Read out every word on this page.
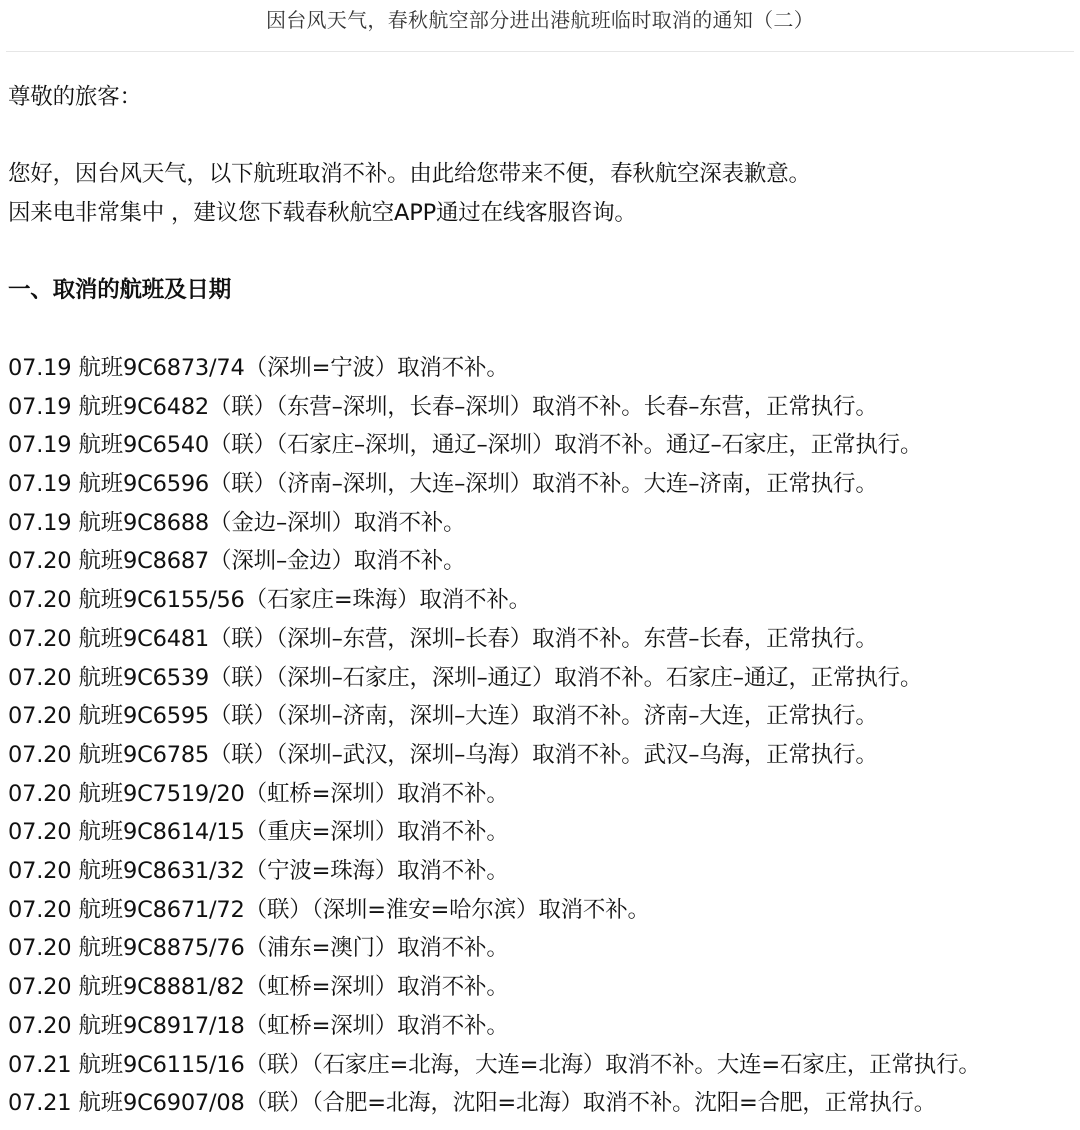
因台风天气，春秋航空部分进出港航班临时取消的通知（二）
尊敬的旅客：
您好，因台风天气，以下航班取消不补。由此给您带来不便，春秋航空深表歉意。
因来电非常集中 ，建议您下载春秋航空APP通过在线客服咨询。
一、取消的航班及日期
07.19 航班9C6873/74（深圳=宁波）取消不补。
07.19 航班9C6482（联）（东营–深圳，长春–深圳）取消不补。长春–东营，正常执行。
07.19 航班9C6540（联）（石家庄–深圳，通辽–深圳）取消不补。通辽–石家庄，正常执行。
07.19 航班9C6596（联）（济南–深圳，大连–深圳）取消不补。大连–济南，正常执行。
07.19 航班9C8688（金边–深圳）取消不补。
07.20 航班9C8687（深圳–金边）取消不补。
07.20 航班9C6155/56（石家庄=珠海）取消不补。
07.20 航班9C6481（联）（深圳–东营，深圳–长春）取消不补。东营–长春，正常执行。
07.20 航班9C6539（联）（深圳–石家庄，深圳–通辽）取消不补。石家庄–通辽，正常执行。
07.20 航班9C6595（联）（深圳–济南，深圳–大连）取消不补。济南–大连，正常执行。
07.20 航班9C6785（联）（深圳–武汉，深圳–乌海）取消不补。武汉–乌海，正常执行。
07.20 航班9C7519/20（虹桥=深圳）取消不补。
07.20 航班9C8614/15（重庆=深圳）取消不补。
07.20 航班9C8631/32（宁波=珠海）取消不补。
07.20 航班9C8671/72（联）（深圳=淮安=哈尔滨）取消不补。
07.20 航班9C8875/76（浦东=澳门）取消不补。
07.20 航班9C8881/82（虹桥=深圳）取消不补。
07.20 航班9C8917/18（虹桥=深圳）取消不补。
07.21 航班9C6115/16（联）（石家庄=北海，大连=北海）取消不补。大连=石家庄，正常执行。
07.21 航班9C6907/08（联）（合肥=北海，沈阳=北海）取消不补。沈阳=合肥，正常执行。
